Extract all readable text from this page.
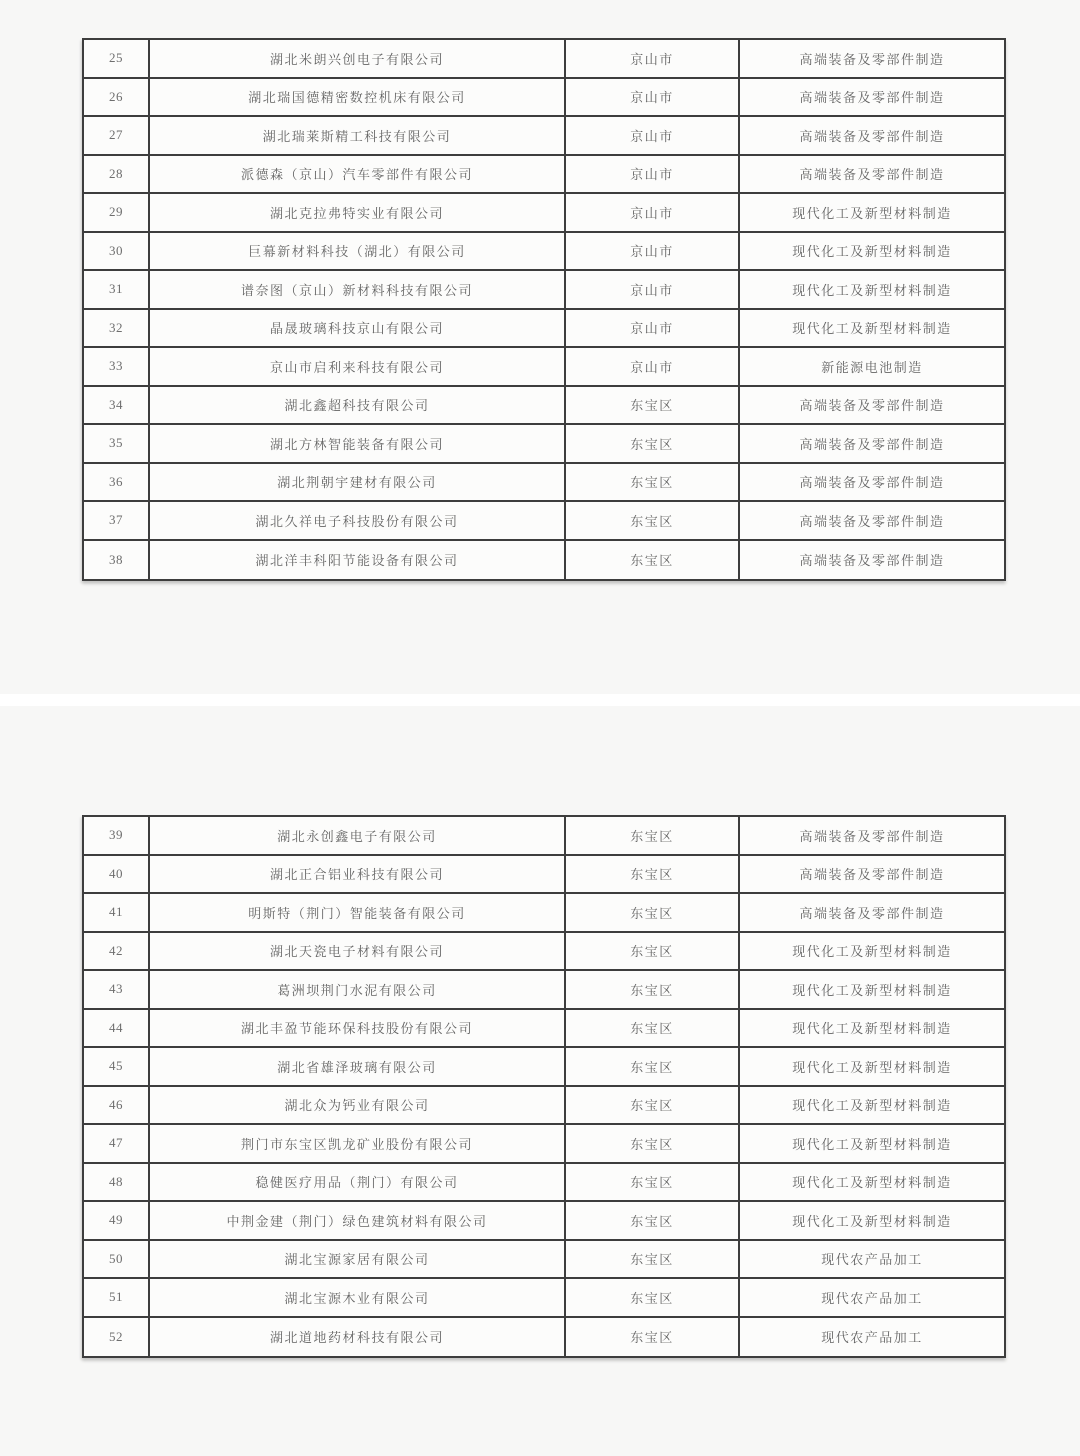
25	湖北米朗兴创电子有限公司	京山市	高端装备及零部件制造
26	湖北瑞国德精密数控机床有限公司	京山市	高端装备及零部件制造
27	湖北瑞莱斯精工科技有限公司	京山市	高端装备及零部件制造
28	派德森（京山）汽车零部件有限公司	京山市	高端装备及零部件制造
29	湖北克拉弗特实业有限公司	京山市	现代化工及新型材料制造
30	巨幕新材料科技（湖北）有限公司	京山市	现代化工及新型材料制造
31	谱奈图（京山）新材料科技有限公司	京山市	现代化工及新型材料制造
32	晶晟玻璃科技京山有限公司	京山市	现代化工及新型材料制造
33	京山市启利来科技有限公司	京山市	新能源电池制造
34	湖北鑫超科技有限公司	东宝区	高端装备及零部件制造
35	湖北方林智能装备有限公司	东宝区	高端装备及零部件制造
36	湖北荆朝宇建材有限公司	东宝区	高端装备及零部件制造
37	湖北久祥电子科技股份有限公司	东宝区	高端装备及零部件制造
38	湖北洋丰科阳节能设备有限公司	东宝区	高端装备及零部件制造
39	湖北永创鑫电子有限公司	东宝区	高端装备及零部件制造
40	湖北正合铝业科技有限公司	东宝区	高端装备及零部件制造
41	明斯特（荆门）智能装备有限公司	东宝区	高端装备及零部件制造
42	湖北天瓷电子材料有限公司	东宝区	现代化工及新型材料制造
43	葛洲坝荆门水泥有限公司	东宝区	现代化工及新型材料制造
44	湖北丰盈节能环保科技股份有限公司	东宝区	现代化工及新型材料制造
45	湖北省雄泽玻璃有限公司	东宝区	现代化工及新型材料制造
46	湖北众为钙业有限公司	东宝区	现代化工及新型材料制造
47	荆门市东宝区凯龙矿业股份有限公司	东宝区	现代化工及新型材料制造
48	稳健医疗用品（荆门）有限公司	东宝区	现代化工及新型材料制造
49	中荆金建（荆门）绿色建筑材料有限公司	东宝区	现代化工及新型材料制造
50	湖北宝源家居有限公司	东宝区	现代农产品加工
51	湖北宝源木业有限公司	东宝区	现代农产品加工
52	湖北道地药材科技有限公司	东宝区	现代农产品加工
